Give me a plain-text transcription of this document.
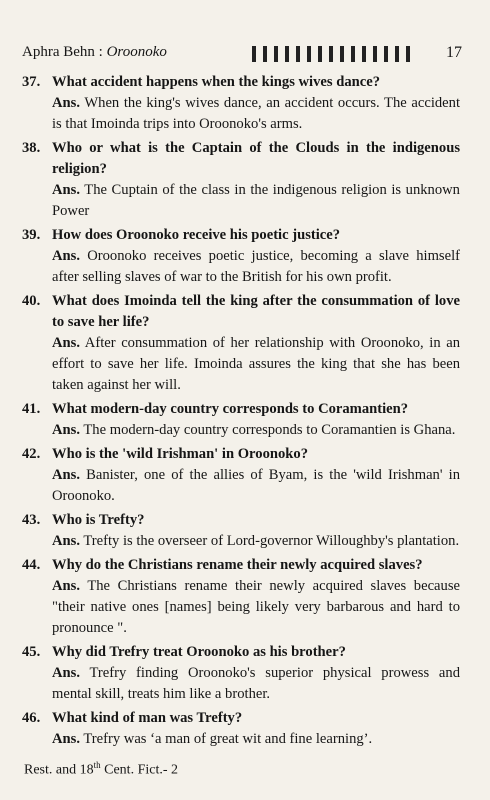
Aphra Behn : Oroonoko	17
37. What accident happens when the kings wives dance?
Ans. When the king's wives dance, an accident occurs. The accident is that Imoinda trips into Oroonoko's arms.
38. Who or what is the Captain of the Clouds in the indigenous religion?
Ans. The Cuptain of the class in the indigenous religion is unknown Power
39. How does Oroonoko receive his poetic justice?
Ans. Oroonoko receives poetic justice, becoming a slave himself after selling slaves of war to the British for his own profit.
40. What does Imoinda tell the king after the consummation of love to save her life?
Ans. After consummation of her relationship with Oroonoko, in an effort to save her life. Imoinda assures the king that she has been taken against her will.
41. What modern-day country corresponds to Coramantien?
Ans. The modern-day country corresponds to Coramantien is Ghana.
42. Who is the 'wild Irishman' in Oroonoko?
Ans. Banister, one of the allies of Byam, is the 'wild Irishman' in Oroonoko.
43. Who is Trefty?
Ans. Trefty is the overseer of Lord-governor Willoughby's plantation.
44. Why do the Christians rename their newly acquired slaves?
Ans. The Christians rename their newly acquired slaves because "their native ones [names] being likely very barbarous and hard to pronounce ".
45. Why did Trefry treat Oroonoko as his brother?
Ans. Trefry finding Oroonoko's superior physical prowess and mental skill, treats him like a brother.
46. What kind of man was Trefty?
Ans. Trefry was ‘a man of great wit and fine learning’.
Rest. and 18th Cent. Fict.- 2
